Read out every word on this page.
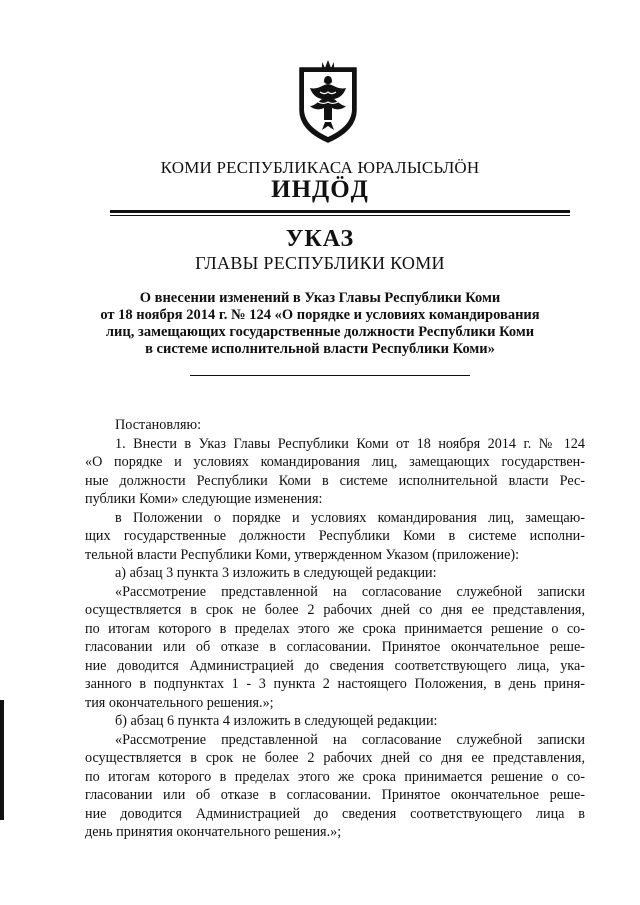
КОМИ РЕСПУБЛИКАСА ЮРАЛЫСЬЛӦН
ИНДӦД
УКАЗ
ГЛАВЫ РЕСПУБЛИКИ КОМИ
О внесении изменений в Указ Главы Республики Коми
от 18 ноября 2014 г. № 124 «О порядке и условиях командирования
лиц, замещающих государственные должности Республики Коми
в системе исполнительной власти Республики Коми»
Постановляю:
1. Внести в Указ Главы Республики Коми от 18 ноября 2014 г. № 124
«О порядке и условиях командирования лиц, замещающих государствен-
ные должности Республики Коми в системе исполнительной власти Рес-
публики Коми» следующие изменения:
в Положении о порядке и условиях командирования лиц, замещаю-
щих государственные должности Республики Коми в системе исполни-
тельной власти Республики Коми, утвержденном Указом (приложение):
а) абзац 3 пункта 3 изложить в следующей редакции:
«Рассмотрение представленной на согласование служебной записки
осуществляется в срок не более 2 рабочих дней со дня ее представления,
по итогам которого в пределах этого же срока принимается решение о со-
гласовании или об отказе в согласовании. Принятое окончательное реше-
ние доводится Администрацией до сведения соответствующего лица, ука-
занного в подпунктах 1 - 3 пункта 2 настоящего Положения, в день приня-
тия окончательного решения.»;
б) абзац 6 пункта 4 изложить в следующей редакции:
«Рассмотрение представленной на согласование служебной записки
осуществляется в срок не более 2 рабочих дней со дня ее представления,
по итогам которого в пределах этого же срока принимается решение о со-
гласовании или об отказе в согласовании. Принятое окончательное реше-
ние доводится Администрацией до сведения соответствующего лица в
день принятия окончательного решения.»;
